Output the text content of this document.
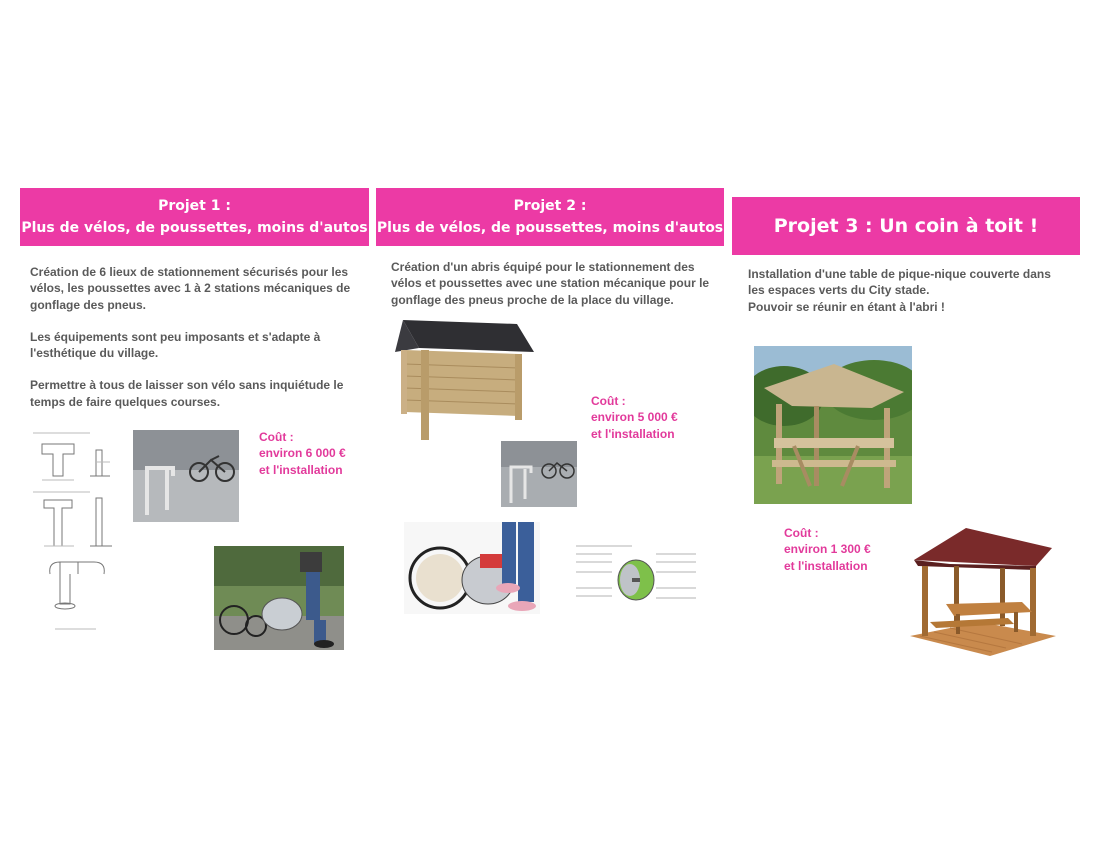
Projet 1 :
Plus de vélos, de poussettes, moins d'autos

Création de 6 lieux de stationnement sécurisés pour les vélos, les poussettes avec 1 à 2 stations mécaniques de gonflage des pneus.

Les équipements sont peu imposants et s'adapte à l'esthétique du village.

Permettre à tous de laisser son vélo sans inquiétude le temps de faire quelques courses.

Coût :
environ 6 000 €
et l'installation
Projet 2 :
Plus de vélos, de poussettes, moins d'autos

Création d'un abris équipé pour le stationnement des vélos et poussettes avec une station mécanique pour le gonflage des pneus proche de la place du village.

Coût :
environ 5 000 €
et l'installation
Projet 3 : Un coin à toit !

Installation d'une table de pique-nique couverte dans les espaces verts du City stade.

Pouvoir se réunir en étant à l'abri !

Coût :
environ 1 300 €
et l'installation
